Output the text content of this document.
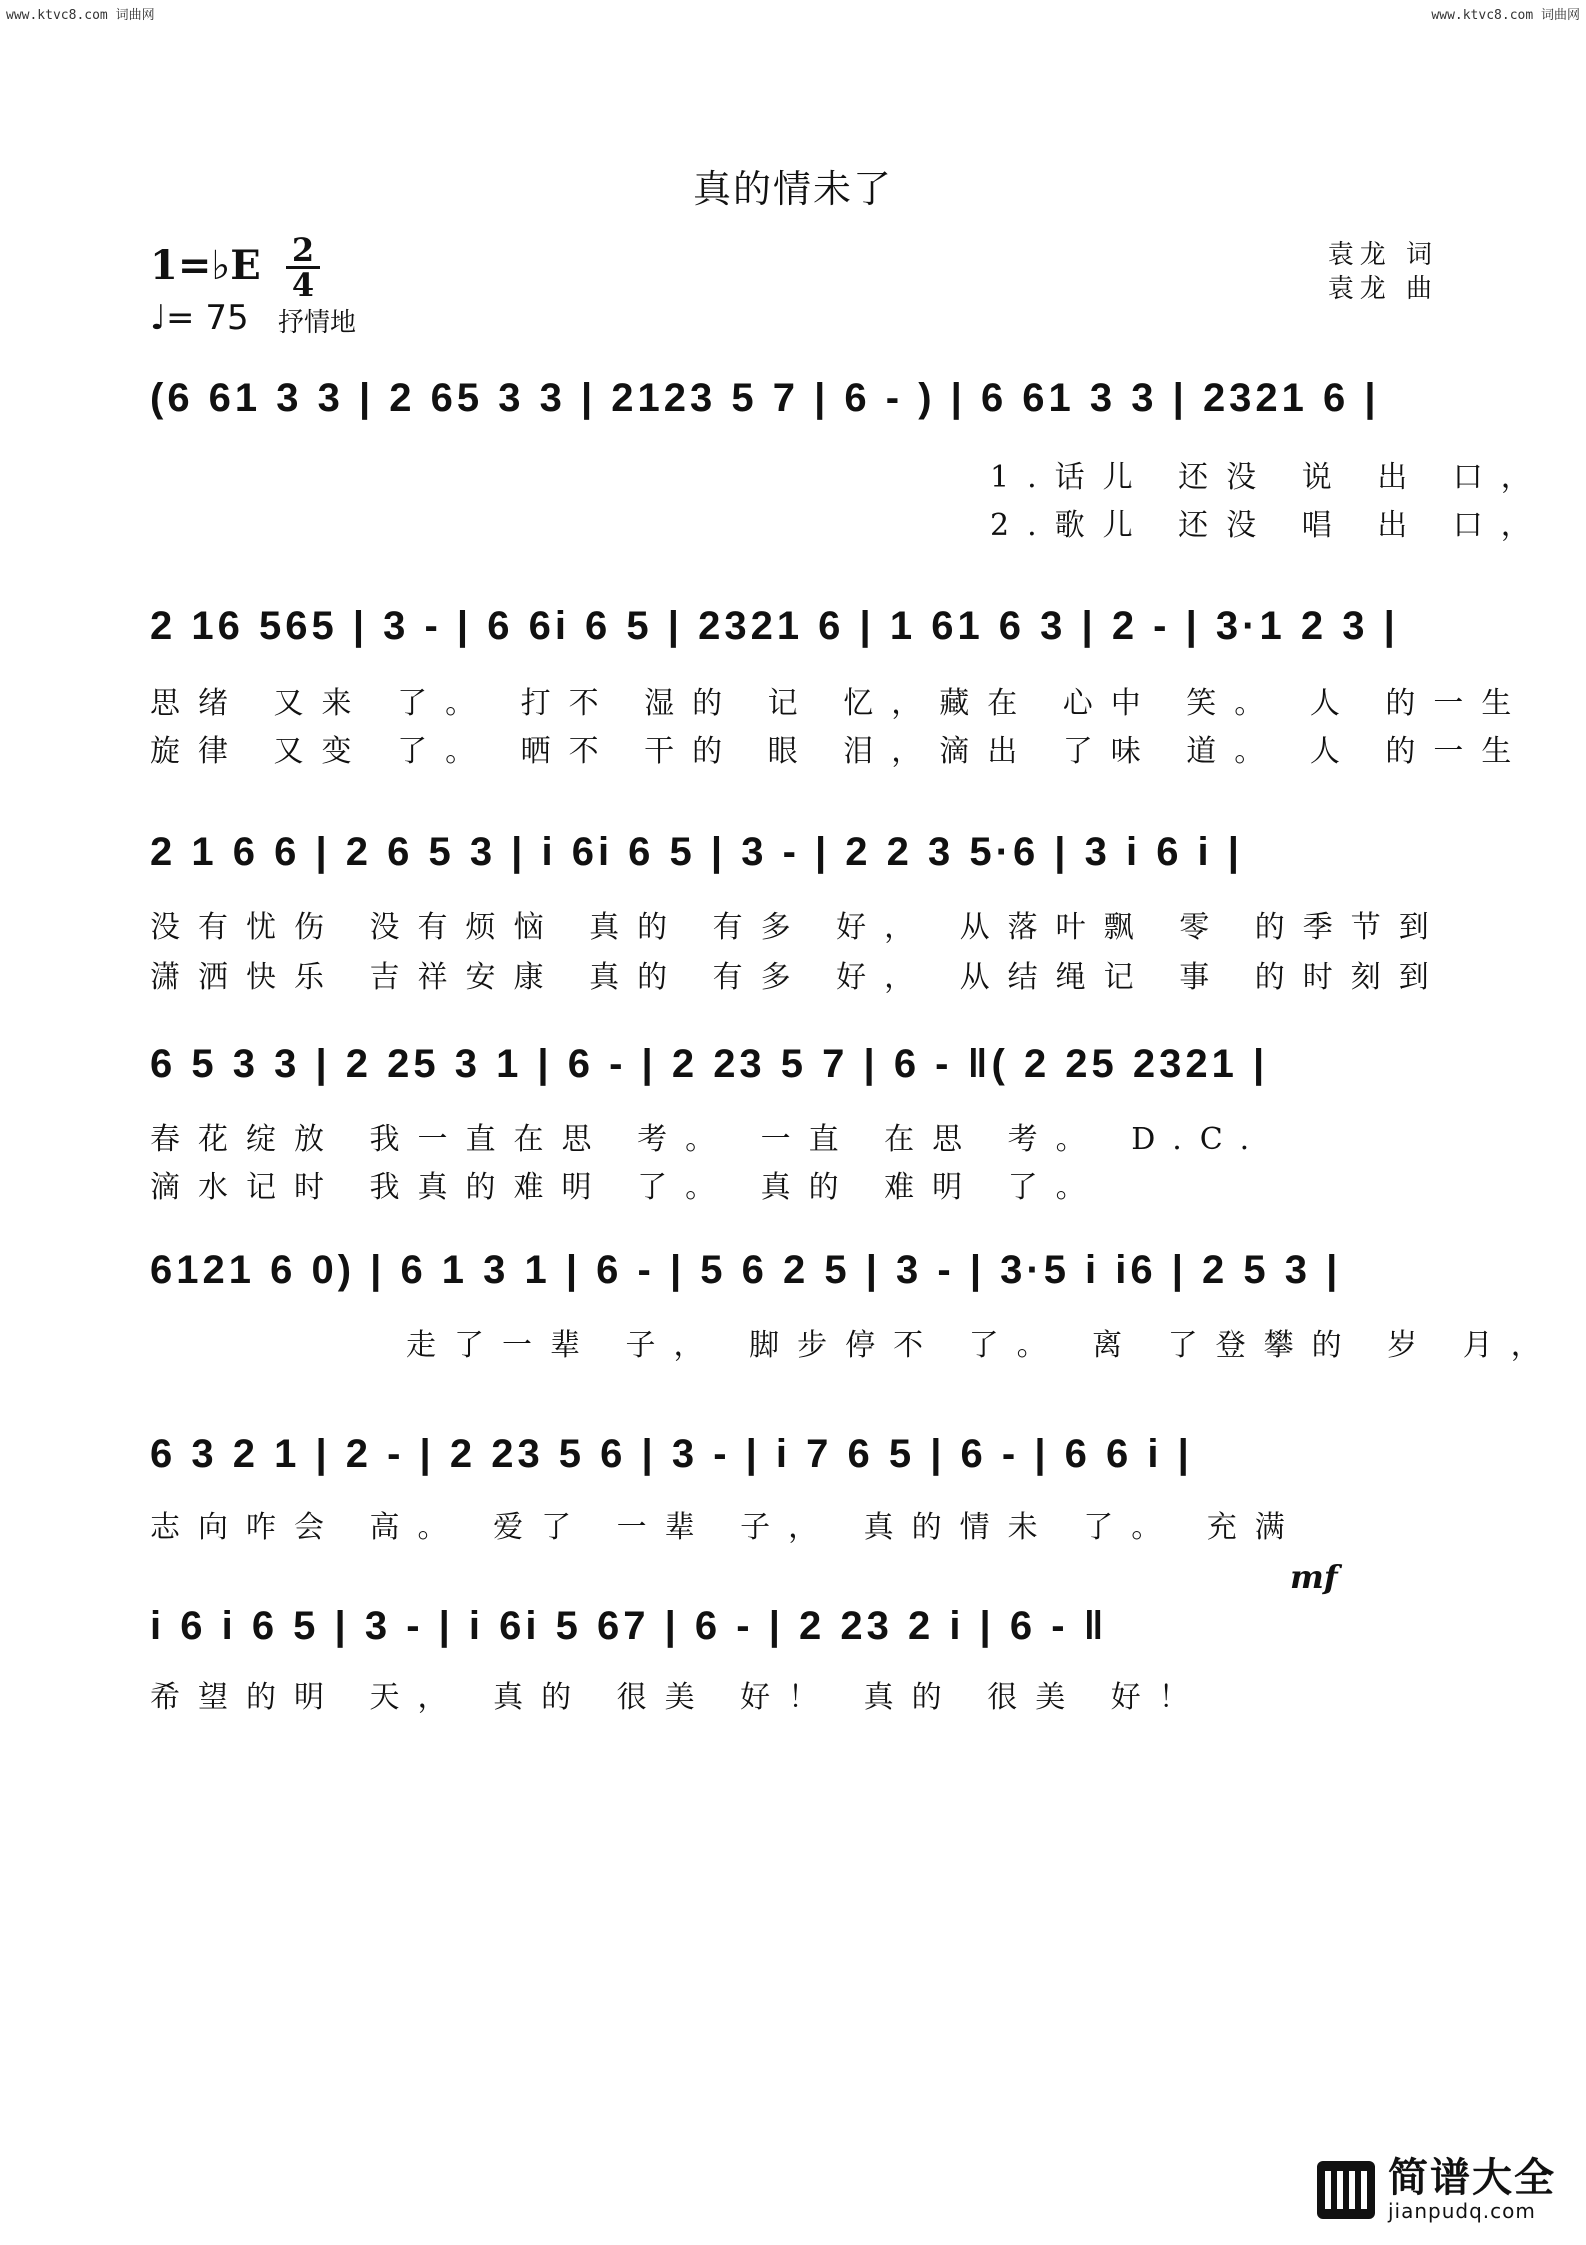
www.ktvc8.com 词曲网	www.ktvc8.com 词曲网
真的情未了
1=♭E 2
4
♩= 75 抒情地
袁龙 词
袁龙 曲
(6 61 3 3 | 2 65 3 3 | 2123 5 7 | 6 - ) | 6 61 3 3 | 2321 6 |
1.话儿 还没 说 出 口，
2.歌儿 还没 唱 出 口，
2 16 565 | 3 - | 6 6i 6 5 | 2321 6 | 1 61 6 3 | 2 - | 3·1 2 3 |
思绪 又来 了。 打不 湿的 记 忆，藏在 心中 笑。 人 的一生
旋律 又变 了。 晒不 干的 眼 泪，滴出 了味 道。 人 的一生
2 1 6 6 | 2 6 5 3 | i 6i 6 5 | 3 - | 2 2 3 5·6 | 3 i 6 i |
没有忧伤 没有烦恼 真的 有多 好， 从落叶飘 零 的季节到
潇洒快乐 吉祥安康 真的 有多 好， 从结绳记 事 的时刻到
6 5 3 3 | 2 25 3 1 | 6 - | 2 23 5 7 | 6 - ‖( 2 25 2321 |
春花绽放 我一直在思 考。 一直 在思 考。 D.C.
滴水记时 我真的难明 了。 真的 难明 了。
6121 6 0) | 6 1 3 1 | 6 - | 5 6 2 5 | 3 - | 3·5 i i6 | 2 5 3 |
走了一辈 子， 脚步停不 了。 离 了登攀的 岁 月，
6 3 2 1 | 2 - | 2 23 5 6 | 3 - | i 7 6 5 | 6 - | 6 6 i |
志向咋会 高。 爱了 一辈 子， 真的情未 了。 充满
mf
i 6 i 6 5 | 3 - | i 6i 5 67 | 6 - | 2 23 2 i | 6 - ‖
希望的明 天， 真的 很美 好！ 真的 很美 好！

简谱大全
jianpudq.com
